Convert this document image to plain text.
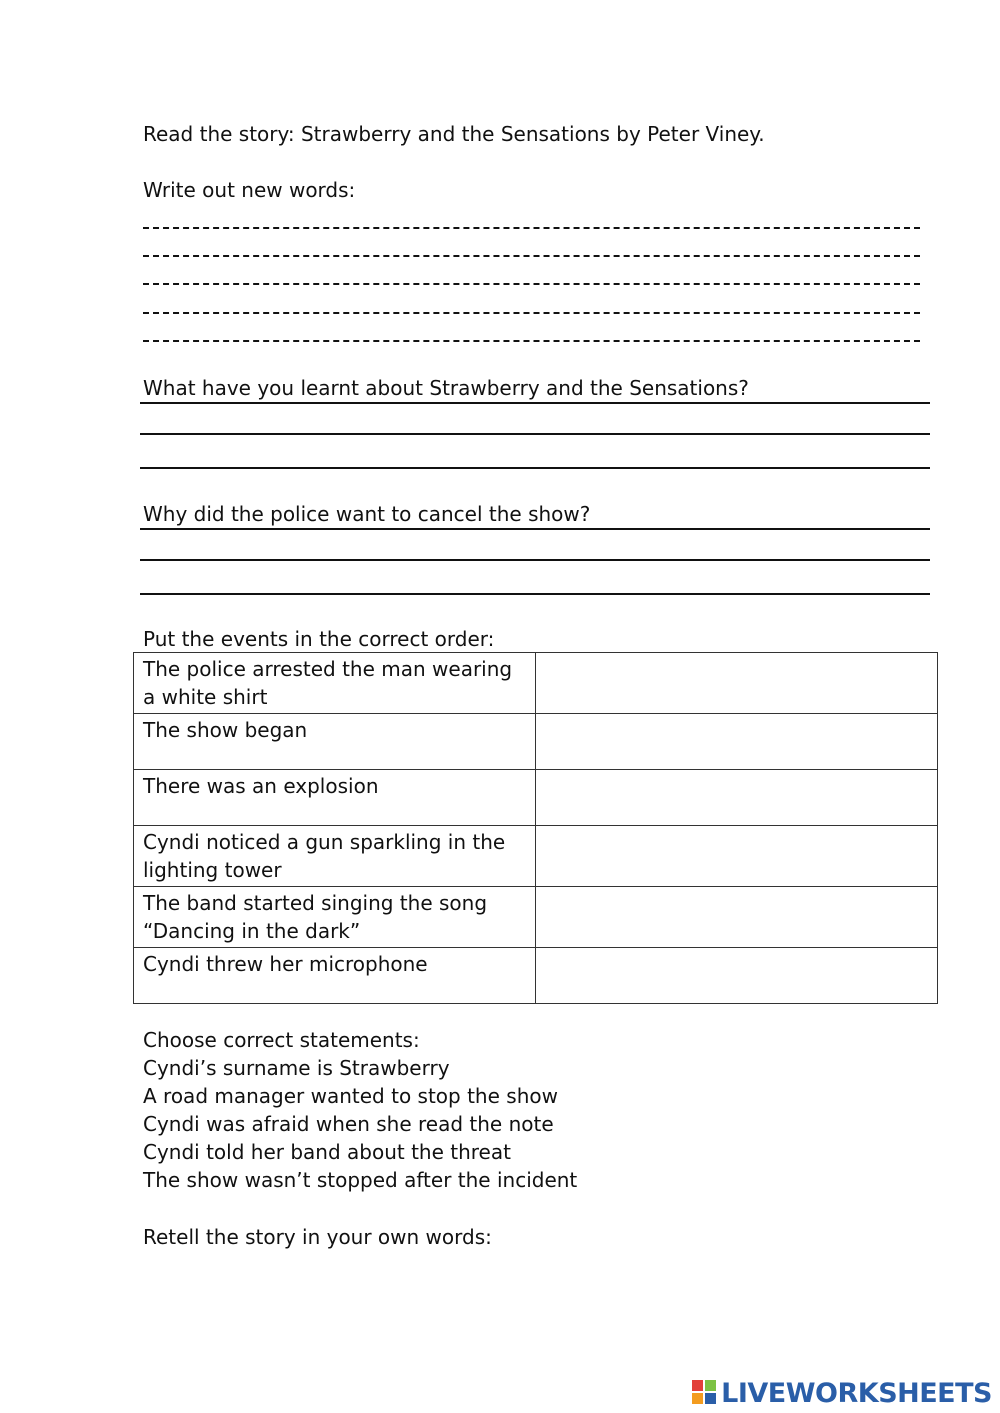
Read the story: Strawberry and the Sensations by Peter Viney.
Write out new words:
What have you learnt about Strawberry and the Sensations?
Why did the police want to cancel the show?
Put the events in the correct order:
The police arrested the man wearing a white shirt	
The show began	
There was an explosion	
Cyndi noticed a gun sparkling in the lighting tower	
The band started singing the song “Dancing in the dark”	
Cyndi threw her microphone	
Choose correct statements:
Cyndi’s surname is Strawberry
A road manager wanted to stop the show
Cyndi was afraid when she read the note
Cyndi told her band about the threat
The show wasn’t stopped after the incident
Retell the story in your own words:
LIVEWORKSHEETS
